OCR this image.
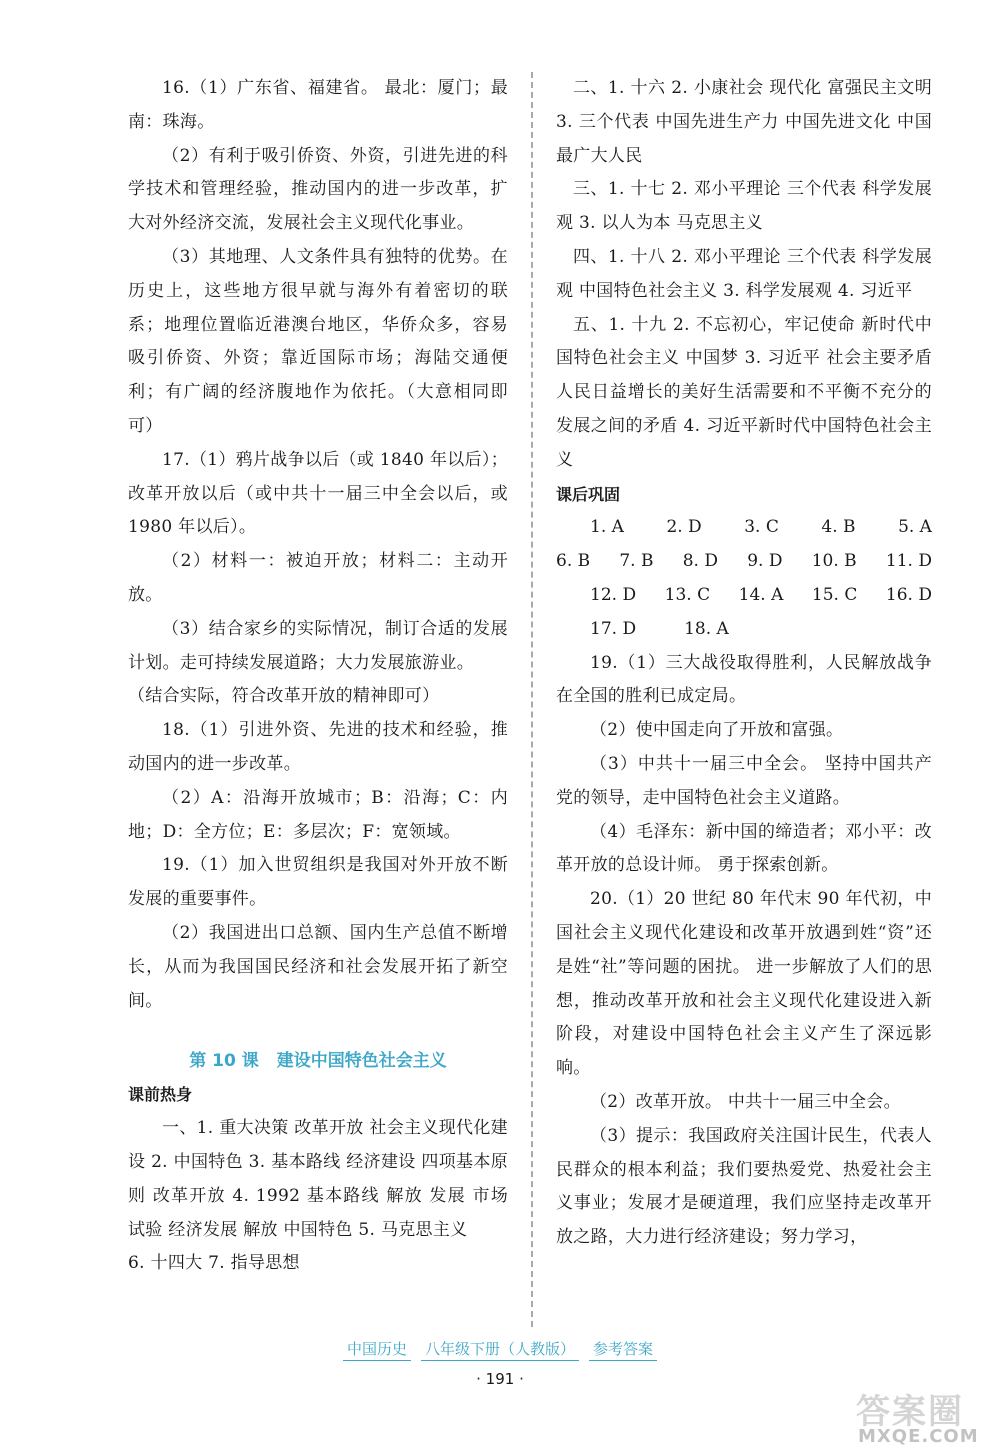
16.（1）广东省、福建省。 最北：厦门；最南：珠海。

（2）有利于吸引侨资、外资，引进先进的科学技术和管理经验，推动国内的进一步改革，扩大对外经济交流，发展社会主义现代化事业。

（3）其地理、人文条件具有独特的优势。在历史上，这些地方很早就与海外有着密切的联系；地理位置临近港澳台地区，华侨众多，容易吸引侨资、外资；靠近国际市场；海陆交通便利；有广阔的经济腹地作为依托。（大意相同即可）

17.（1）鸦片战争以后（或 1840 年以后）；改革开放以后（或中共十一届三中全会以后，或 1980 年以后）。

（2）材料一：被迫开放；材料二：主动开放。

（3）结合家乡的实际情况，制订合适的发展计划。走可持续发展道路；大力发展旅游业。

（结合实际，符合改革开放的精神即可）

18.（1）引进外资、先进的技术和经验，推动国内的进一步改革。

（2）A：沿海开放城市；B：沿海；C：内地；D：全方位；E：多层次；F：宽领域。

19.（1）加入世贸组织是我国对外开放不断发展的重要事件。

（2）我国进出口总额、国内生产总值不断增长，从而为我国国民经济和社会发展开拓了新空间。

第 10 课 建设中国特色社会主义
课前热身

一、1. 重大决策 改革开放 社会主义现代化建设 2. 中国特色 3. 基本路线 经济建设 四项基本原则 改革开放 4. 1992 基本路线 解放 发展 市场 试验 经济发展 解放 中国特色 5. 马克思主义

6. 十四大 7. 指导思想

二、1. 十六 2. 小康社会 现代化 富强民主文明 3. 三个代表 中国先进生产力 中国先进文化 中国最广大人民

三、1. 十七 2. 邓小平理论 三个代表 科学发展观 3. 以人为本 马克思主义

四、1. 十八 2. 邓小平理论 三个代表 科学发展观 中国特色社会主义 3. 科学发展观 4. 习近平

五、1. 十九 2. 不忘初心，牢记使命 新时代中国特色社会主义 中国梦 3. 习近平 社会主要矛盾 人民日益增长的美好生活需要和不平衡不充分的发展之间的矛盾 4. 习近平新时代中国特色社会主义

课后巩固
1. A	2. D	3. C	4. B	5. A
6. B 7. B 8. D 9. D 10. B 11. D
12. D 13. C 14. A 15. C 16. D
17. D	18. A

19.（1）三大战役取得胜利，人民解放战争在全国的胜利已成定局。

（2）使中国走向了开放和富强。

（3）中共十一届三中全会。 坚持中国共产党的领导，走中国特色社会主义道路。

（4）毛泽东：新中国的缔造者；邓小平：改革开放的总设计师。 勇于探索创新。

20.（1）20 世纪 80 年代末 90 年代初，中国社会主义现代化建设和改革开放遇到姓“资”还是姓“社”等问题的困扰。 进一步解放了人们的思想，推动改革开放和社会主义现代化建设进入新阶段，对建设中国特色社会主义产生了深远影响。

（2）改革开放。 中共十一届三中全会。

（3）提示：我国政府关注国计民生，代表人民群众的根本利益；我们要热爱党、热爱社会主义事业；发展才是硬道理，我们应坚持走改革开放之路，大力进行经济建设；努力学习，

中国历史 八年级下册（人教版） 参考答案
· 191 ·
答案圈
MXQE.COM
